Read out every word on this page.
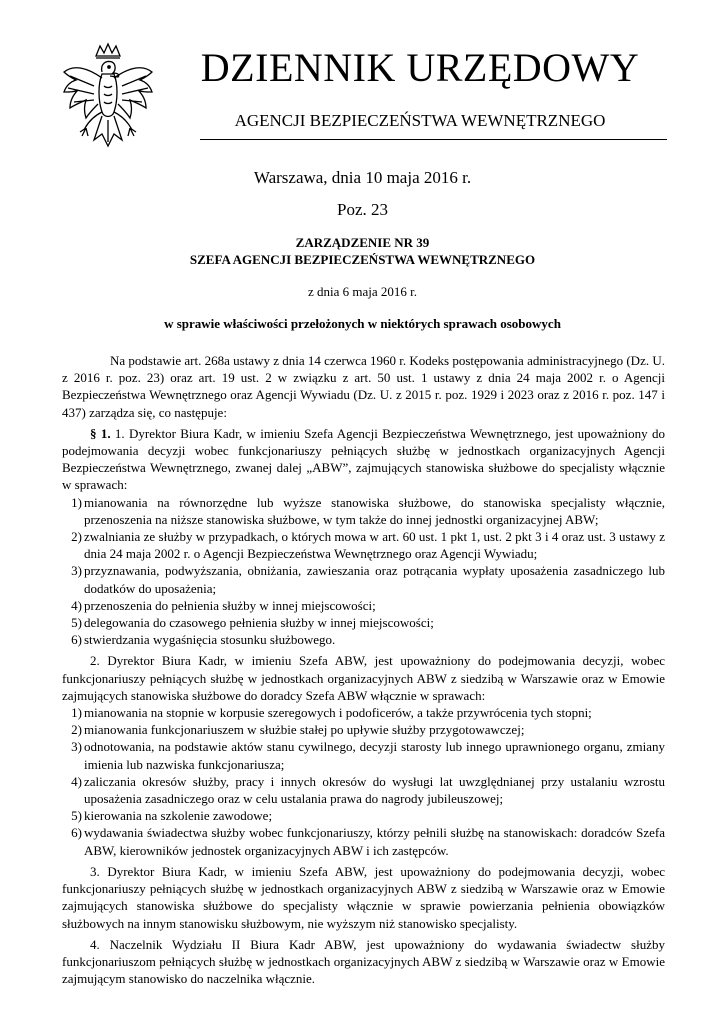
DZIENNIK URZĘDOWY
AGENCJI BEZPIECZEŃSTWA WEWNĘTRZNEGO
Warszawa, dnia 10 maja 2016 r.
Poz. 23
ZARZĄDZENIE NR 39
SZEFA AGENCJI BEZPIECZEŃSTWA WEWNĘTRZNEGO
z dnia 6 maja 2016 r.
w sprawie właściwości przełożonych w niektórych sprawach osobowych

Na podstawie art. 268a ustawy z dnia 14 czerwca 1960 r. Kodeks postępowania administracyjnego (Dz. U. z 2016 r. poz. 23) oraz art. 19 ust. 2 w związku z art. 50 ust. 1 ustawy z dnia 24 maja 2002 r. o Agencji Bezpieczeństwa Wewnętrznego oraz Agencji Wywiadu (Dz. U. z 2015 r. poz. 1929 i 2023 oraz z 2016 r. poz. 147 i 437) zarządza się, co następuje:

§ 1. 1. Dyrektor Biura Kadr, w imieniu Szefa Agencji Bezpieczeństwa Wewnętrznego, jest upoważniony do podejmowania decyzji wobec funkcjonariuszy pełniących służbę w jednostkach organizacyjnych Agencji Bezpieczeństwa Wewnętrznego, zwanej dalej „ABW”, zajmujących stanowiska służbowe do specjalisty włącznie w sprawach:

1) mianowania na równorzędne lub wyższe stanowiska służbowe, do stanowiska specjalisty włącznie, przenoszenia na niższe stanowiska służbowe, w tym także do innej jednostki organizacyjnej ABW;
2) zwalniania ze służby w przypadkach, o których mowa w art. 60 ust. 1 pkt 1, ust. 2 pkt 3 i 4 oraz ust. 3 ustawy z dnia 24 maja 2002 r. o Agencji Bezpieczeństwa Wewnętrznego oraz Agencji Wywiadu;
3) przyznawania, podwyższania, obniżania, zawieszania oraz potrącania wypłaty uposażenia zasadniczego lub dodatków do uposażenia;
4) przenoszenia do pełnienia służby w innej miejscowości;
5) delegowania do czasowego pełnienia służby w innej miejscowości;
6) stwierdzania wygaśnięcia stosunku służbowego.

2. Dyrektor Biura Kadr, w imieniu Szefa ABW, jest upoważniony do podejmowania decyzji, wobec funkcjonariuszy pełniących służbę w jednostkach organizacyjnych ABW z siedzibą w Warszawie oraz w Emowie zajmujących stanowiska służbowe do doradcy Szefa ABW włącznie w sprawach:

1) mianowania na stopnie w korpusie szeregowych i podoficerów, a także przywrócenia tych stopni;
2) mianowania funkcjonariuszem w służbie stałej po upływie służby przygotowawczej;
3) odnotowania, na podstawie aktów stanu cywilnego, decyzji starosty lub innego uprawnionego organu, zmiany imienia lub nazwiska funkcjonariusza;
4) zaliczania okresów służby, pracy i innych okresów do wysługi lat uwzględnianej przy ustalaniu wzrostu uposażenia zasadniczego oraz w celu ustalania prawa do nagrody jubileuszowej;
5) kierowania na szkolenie zawodowe;
6) wydawania świadectwa służby wobec funkcjonariuszy, którzy pełnili służbę na stanowiskach: doradców Szefa ABW, kierowników jednostek organizacyjnych ABW i ich zastępców.

3. Dyrektor Biura Kadr, w imieniu Szefa ABW, jest upoważniony do podejmowania decyzji, wobec funkcjonariuszy pełniących służbę w jednostkach organizacyjnych ABW z siedzibą w Warszawie oraz w Emowie zajmujących stanowiska służbowe do specjalisty włącznie w sprawie powierzania pełnienia obowiązków służbowych na innym stanowisku służbowym, nie wyższym niż stanowisko specjalisty.

4. Naczelnik Wydziału II Biura Kadr ABW, jest upoważniony do wydawania świadectw służby funkcjonariuszom pełniących służbę w jednostkach organizacyjnych ABW z siedzibą w Warszawie oraz w Emowie zajmującym stanowisko do naczelnika włącznie.
